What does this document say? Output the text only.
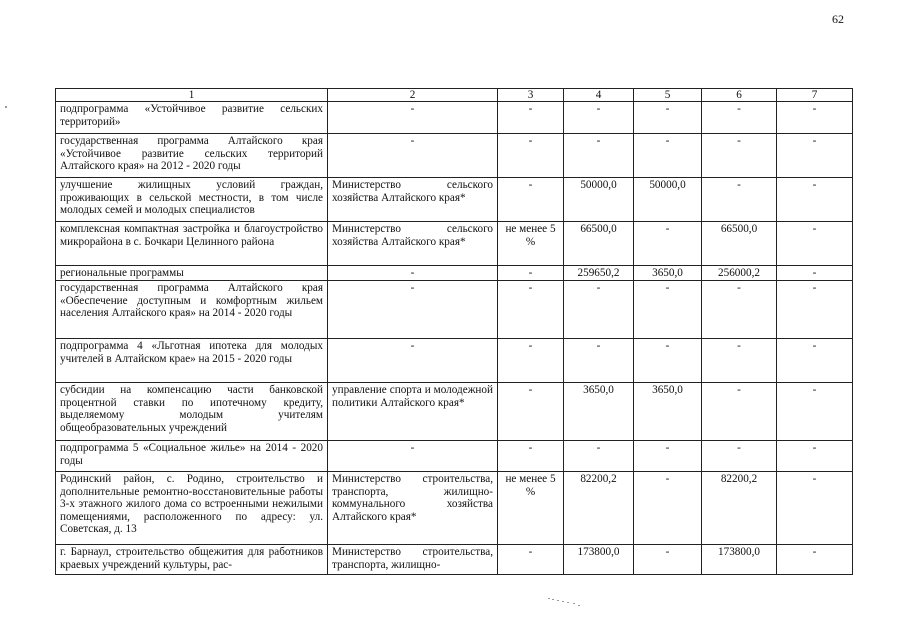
62
1	2	3	4	5	6	7
подпрограмма «Устойчивое развитие сельских территорий»	-	-	-	-	-	-
государственная программа Алтайского края «Устойчивое развитие сельских территорий Алтайского края» на 2012 - 2020 годы	-	-	-	-	-	-
улучшение жилищных условий граждан, проживающих в сельской местности, в том числе молодых семей и молодых специалистов	Министерство сельского хозяйства Алтайского края*	-	50000,0	50000,0	-	-
комплексная компактная застройка и благоустройство микрорайона в с. Бочкари Целинного района	Министерство сельского хозяйства Алтайского края*	не менее 5 %	66500,0	-	66500,0	-
региональные программы	-	-	259650,2	3650,0	256000,2	-
государственная программа Алтайского края «Обеспечение доступным и комфортным жильем населения Алтайского края» на 2014 - 2020 годы	-	-	-	-	-	-
подпрограмма 4 «Льготная ипотека для молодых учителей в Алтайском крае» на 2015 - 2020 годы	-	-	-	-	-	-
субсидии на компенсацию части банковской процентной ставки по ипотечному кредиту, выделяемому молодым учителям общеобразовательных учреждений	управление спорта и молодежной политики Алтайского края*	-	3650,0	3650,0	-	-
подпрограмма 5 «Социальное жилье» на 2014 - 2020 годы	-	-	-	-	-	-
Родинский район, с. Родино, строительство и дополнительные ремонтно-восстановительные работы 3-х этажного жилого дома со встроенными нежилыми помещениями, расположенного по адресу: ул. Советская, д. 13	Министерство строительства, транспорта, жилищно-коммунального хозяйства Алтайского края*	не менее 5 %	82200,2	-	82200,2	-
г. Барнаул, строительство общежития для работников краевых учреждений культуры, рас-	Министерство строительства, транспорта, жилищно-	-	173800,0	-	173800,0	-
